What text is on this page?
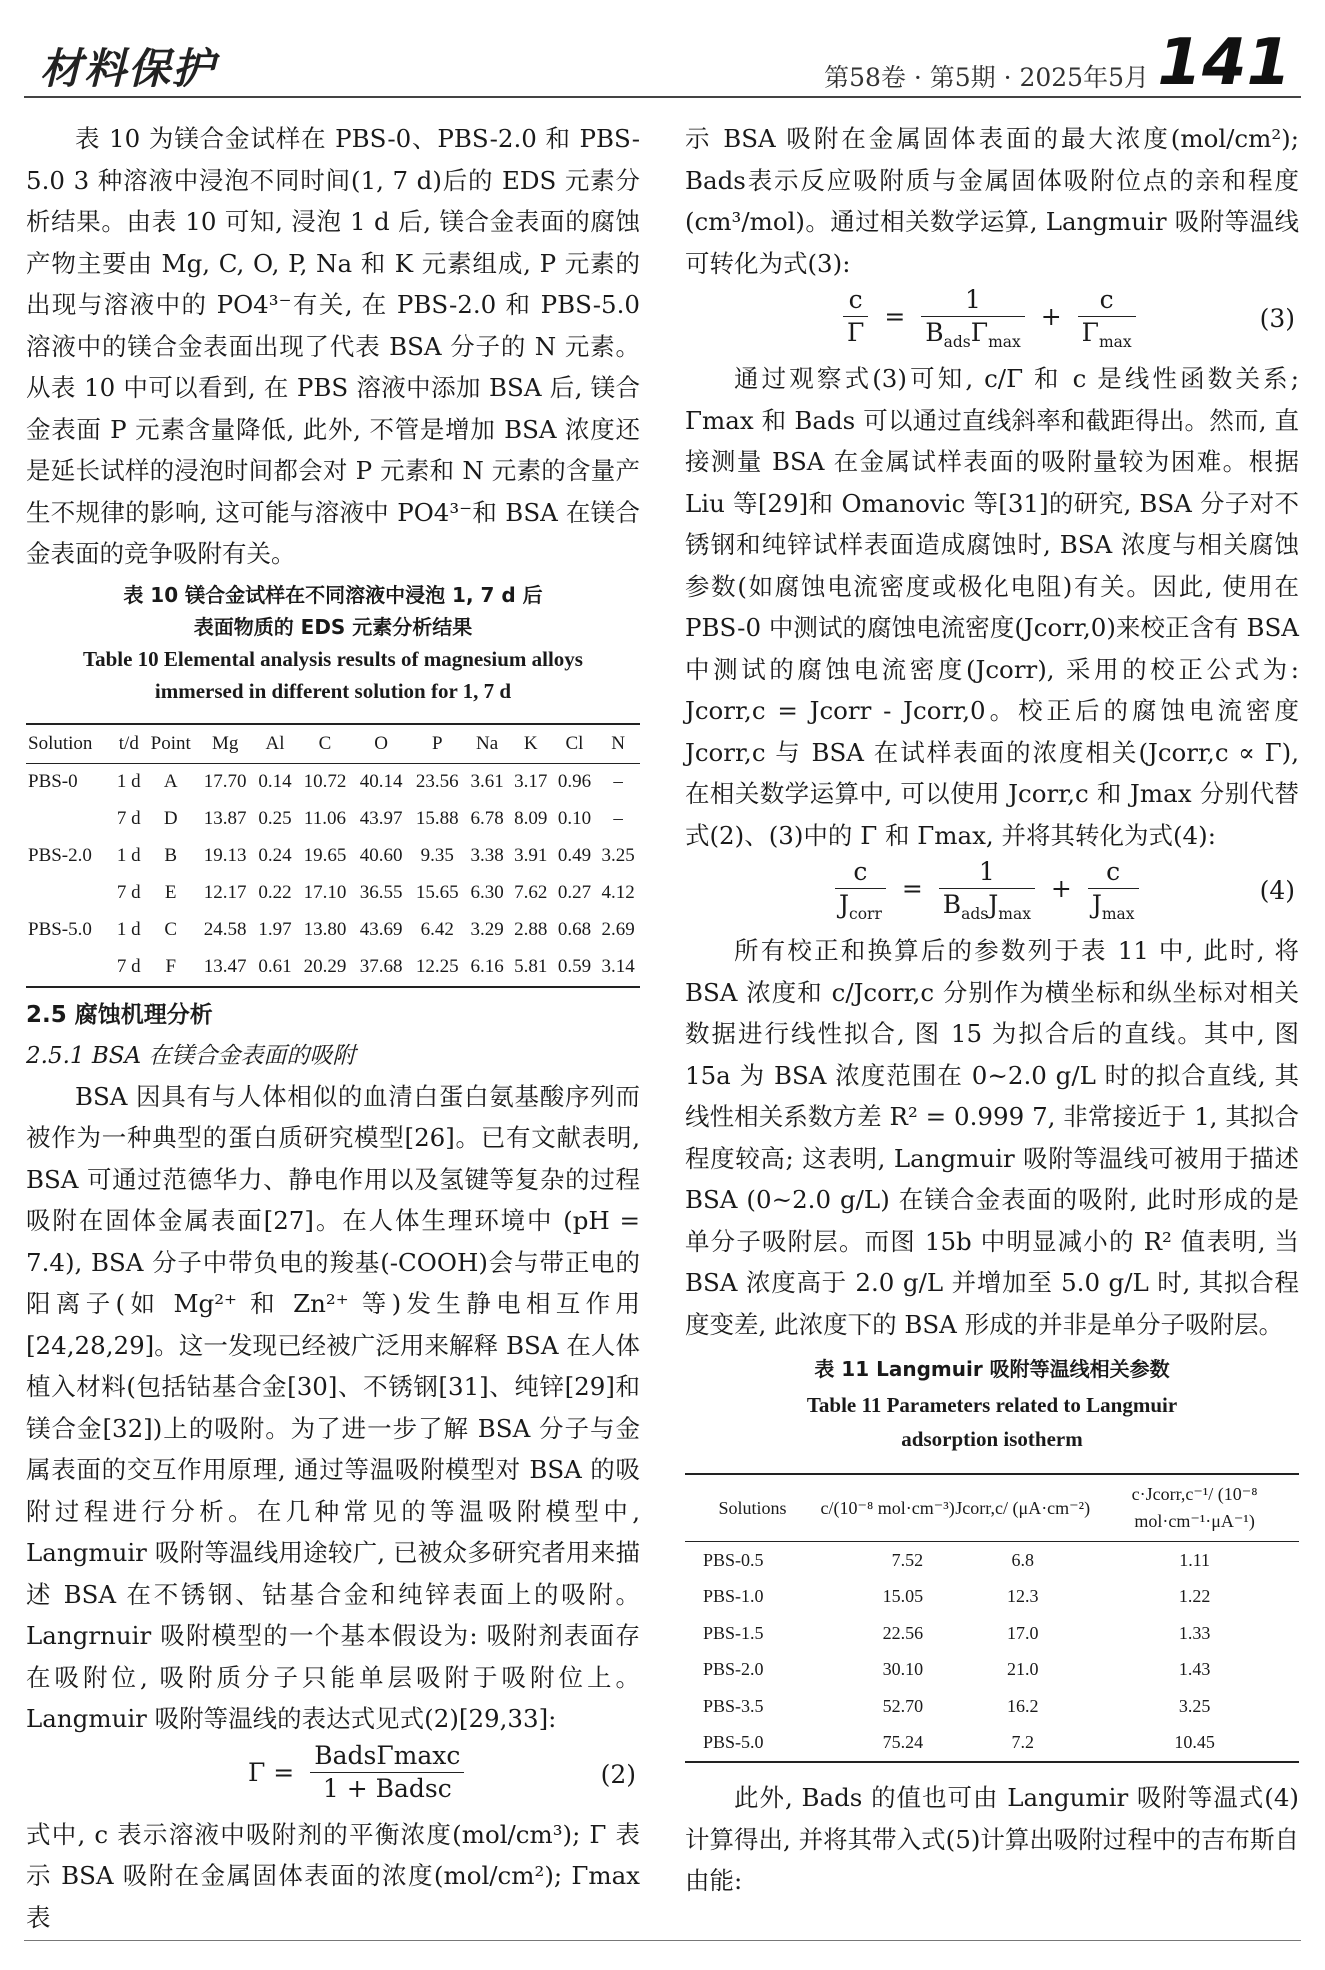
材料保护	第58卷 · 第5期 · 2025年5月 141

表 10 为镁合金试样在 PBS-0、PBS-2.0 和 PBS-5.0 3 种溶液中浸泡不同时间(1, 7 d)后的 EDS 元素分析结果。由表 10 可知, 浸泡 1 d 后, 镁合金表面的腐蚀产物主要由 Mg, C, O, P, Na 和 K 元素组成, P 元素的出现与溶液中的 PO4³⁻有关, 在 PBS-2.0 和 PBS-5.0 溶液中的镁合金表面出现了代表 BSA 分子的 N 元素。从表 10 中可以看到, 在 PBS 溶液中添加 BSA 后, 镁合金表面 P 元素含量降低, 此外, 不管是增加 BSA 浓度还是延长试样的浸泡时间都会对 P 元素和 N 元素的含量产生不规律的影响, 这可能与溶液中 PO4³⁻和 BSA 在镁合金表面的竞争吸附有关。

表 10 镁合金试样在不同溶液中浸泡 1, 7 d 后
表面物质的 EDS 元素分析结果
Table 10 Elemental analysis results of magnesium alloys
immersed in different solution for 1, 7 d
Solution	t/d	Point	Mg	Al	C	O	P	Na	K	Cl	N
PBS-0	1 d	A	17.70	0.14	10.72	40.14	23.56	3.61	3.17	0.96	–
	7 d	D	13.87	0.25	11.06	43.97	15.88	6.78	8.09	0.10	–
PBS-2.0	1 d	B	19.13	0.24	19.65	40.60	9.35	3.38	3.91	0.49	3.25
	7 d	E	12.17	0.22	17.10	36.55	15.65	6.30	7.62	0.27	4.12
PBS-5.0	1 d	C	24.58	1.97	13.80	43.69	6.42	3.29	2.88	0.68	2.69
	7 d	F	13.47	0.61	20.29	37.68	12.25	6.16	5.81	0.59	3.14
2.5 腐蚀机理分析
2.5.1 BSA 在镁合金表面的吸附

BSA 因具有与人体相似的血清白蛋白氨基酸序列而被作为一种典型的蛋白质研究模型[26]。已有文献表明, BSA 可通过范德华力、静电作用以及氢键等复杂的过程吸附在固体金属表面[27]。在人体生理环境中 (pH = 7.4), BSA 分子中带负电的羧基(-COOH)会与带正电的阳离子(如 Mg²⁺ 和 Zn²⁺ 等)发生静电相互作用[24,28,29]。这一发现已经被广泛用来解释 BSA 在人体植入材料(包括钴基合金[30]、不锈钢[31]、纯锌[29]和镁合金[32])上的吸附。为了进一步了解 BSA 分子与金属表面的交互作用原理, 通过等温吸附模型对 BSA 的吸附过程进行分析。在几种常见的等温吸附模型中, Langmuir 吸附等温线用途较广, 已被众多研究者用来描述 BSA 在不锈钢、钴基合金和纯锌表面上的吸附。Langrnuir 吸附模型的一个基本假设为: 吸附剂表面存在吸附位, 吸附质分子只能单层吸附于吸附位上。Langmuir 吸附等温线的表达式见式(2)[29,33]:

Γ =
BadsΓmaxc
1 + Badsc	(2)

式中, c 表示溶液中吸附剂的平衡浓度(mol/cm³); Γ 表示 BSA 吸附在金属固体表面的浓度(mol/cm²); Γmax 表

示 BSA 吸附在金属固体表面的最大浓度(mol/cm²); Bads表示反应吸附质与金属固体吸附位点的亲和程度(cm³/mol)。通过相关数学运算, Langmuir 吸附等温线可转化为式(3):

$\frac{c}{\Gamma}$ =
1
$B_{ads}\Gamma_{max}$
+
c
$\Gamma_{max}$
(3)

通过观察式(3)可知, c/Γ 和 c 是线性函数关系; Γmax 和 Bads 可以通过直线斜率和截距得出。然而, 直接测量 BSA 在金属试样表面的吸附量较为困难。根据 Liu 等[29]和 Omanovic 等[31]的研究, BSA 分子对不锈钢和纯锌试样表面造成腐蚀时, BSA 浓度与相关腐蚀参数(如腐蚀电流密度或极化电阻)有关。因此, 使用在 PBS-0 中测试的腐蚀电流密度(Jcorr,0)来校正含有 BSA 中测试的腐蚀电流密度(Jcorr), 采用的校正公式为: Jcorr,c = Jcorr - Jcorr,0。校正后的腐蚀电流密度 Jcorr,c 与 BSA 在试样表面的浓度相关(Jcorr,c ∝ Γ), 在相关数学运算中, 可以使用 Jcorr,c 和 Jmax 分别代替式(2)、(3)中的 Γ 和 Γmax, 并将其转化为式(4):

c
$J_{corr}$
=
1
$B_{ads}J_{max}$
+
c
$J_{max}$
(4)

所有校正和换算后的参数列于表 11 中, 此时, 将 BSA 浓度和 c/Jcorr,c 分别作为横坐标和纵坐标对相关数据进行线性拟合, 图 15 为拟合后的直线。其中, 图 15a 为 BSA 浓度范围在 0~2.0 g/L 时的拟合直线, 其线性相关系数方差 R² = 0.999 7, 非常接近于 1, 其拟合程度较高; 这表明, Langmuir 吸附等温线可被用于描述 BSA (0~2.0 g/L) 在镁合金表面的吸附, 此时形成的是单分子吸附层。而图 15b 中明显减小的 R² 值表明, 当 BSA 浓度高于 2.0 g/L 并增加至 5.0 g/L 时, 其拟合程度变差, 此浓度下的 BSA 形成的并非是单分子吸附层。

表 11 Langmuir 吸附等温线相关参数
Table 11 Parameters related to Langmuir
adsorption isotherm
Solutions	c/(10⁻⁸ mol·cm⁻³)	Jcorr,c/ (μA·cm⁻²)	c·Jcorr,c⁻¹/ (10⁻⁸ mol·cm⁻¹·μA⁻¹)
PBS-0.5	7.52	6.8	1.11
PBS-1.0	15.05	12.3	1.22
PBS-1.5	22.56	17.0	1.33
PBS-2.0	30.10	21.0	1.43
PBS-3.5	52.70	16.2	3.25
PBS-5.0	75.24	7.2	10.45

此外, Bads 的值也可由 Langumir 吸附等温式(4)计算得出, 并将其带入式(5)计算出吸附过程中的吉布斯自由能:
